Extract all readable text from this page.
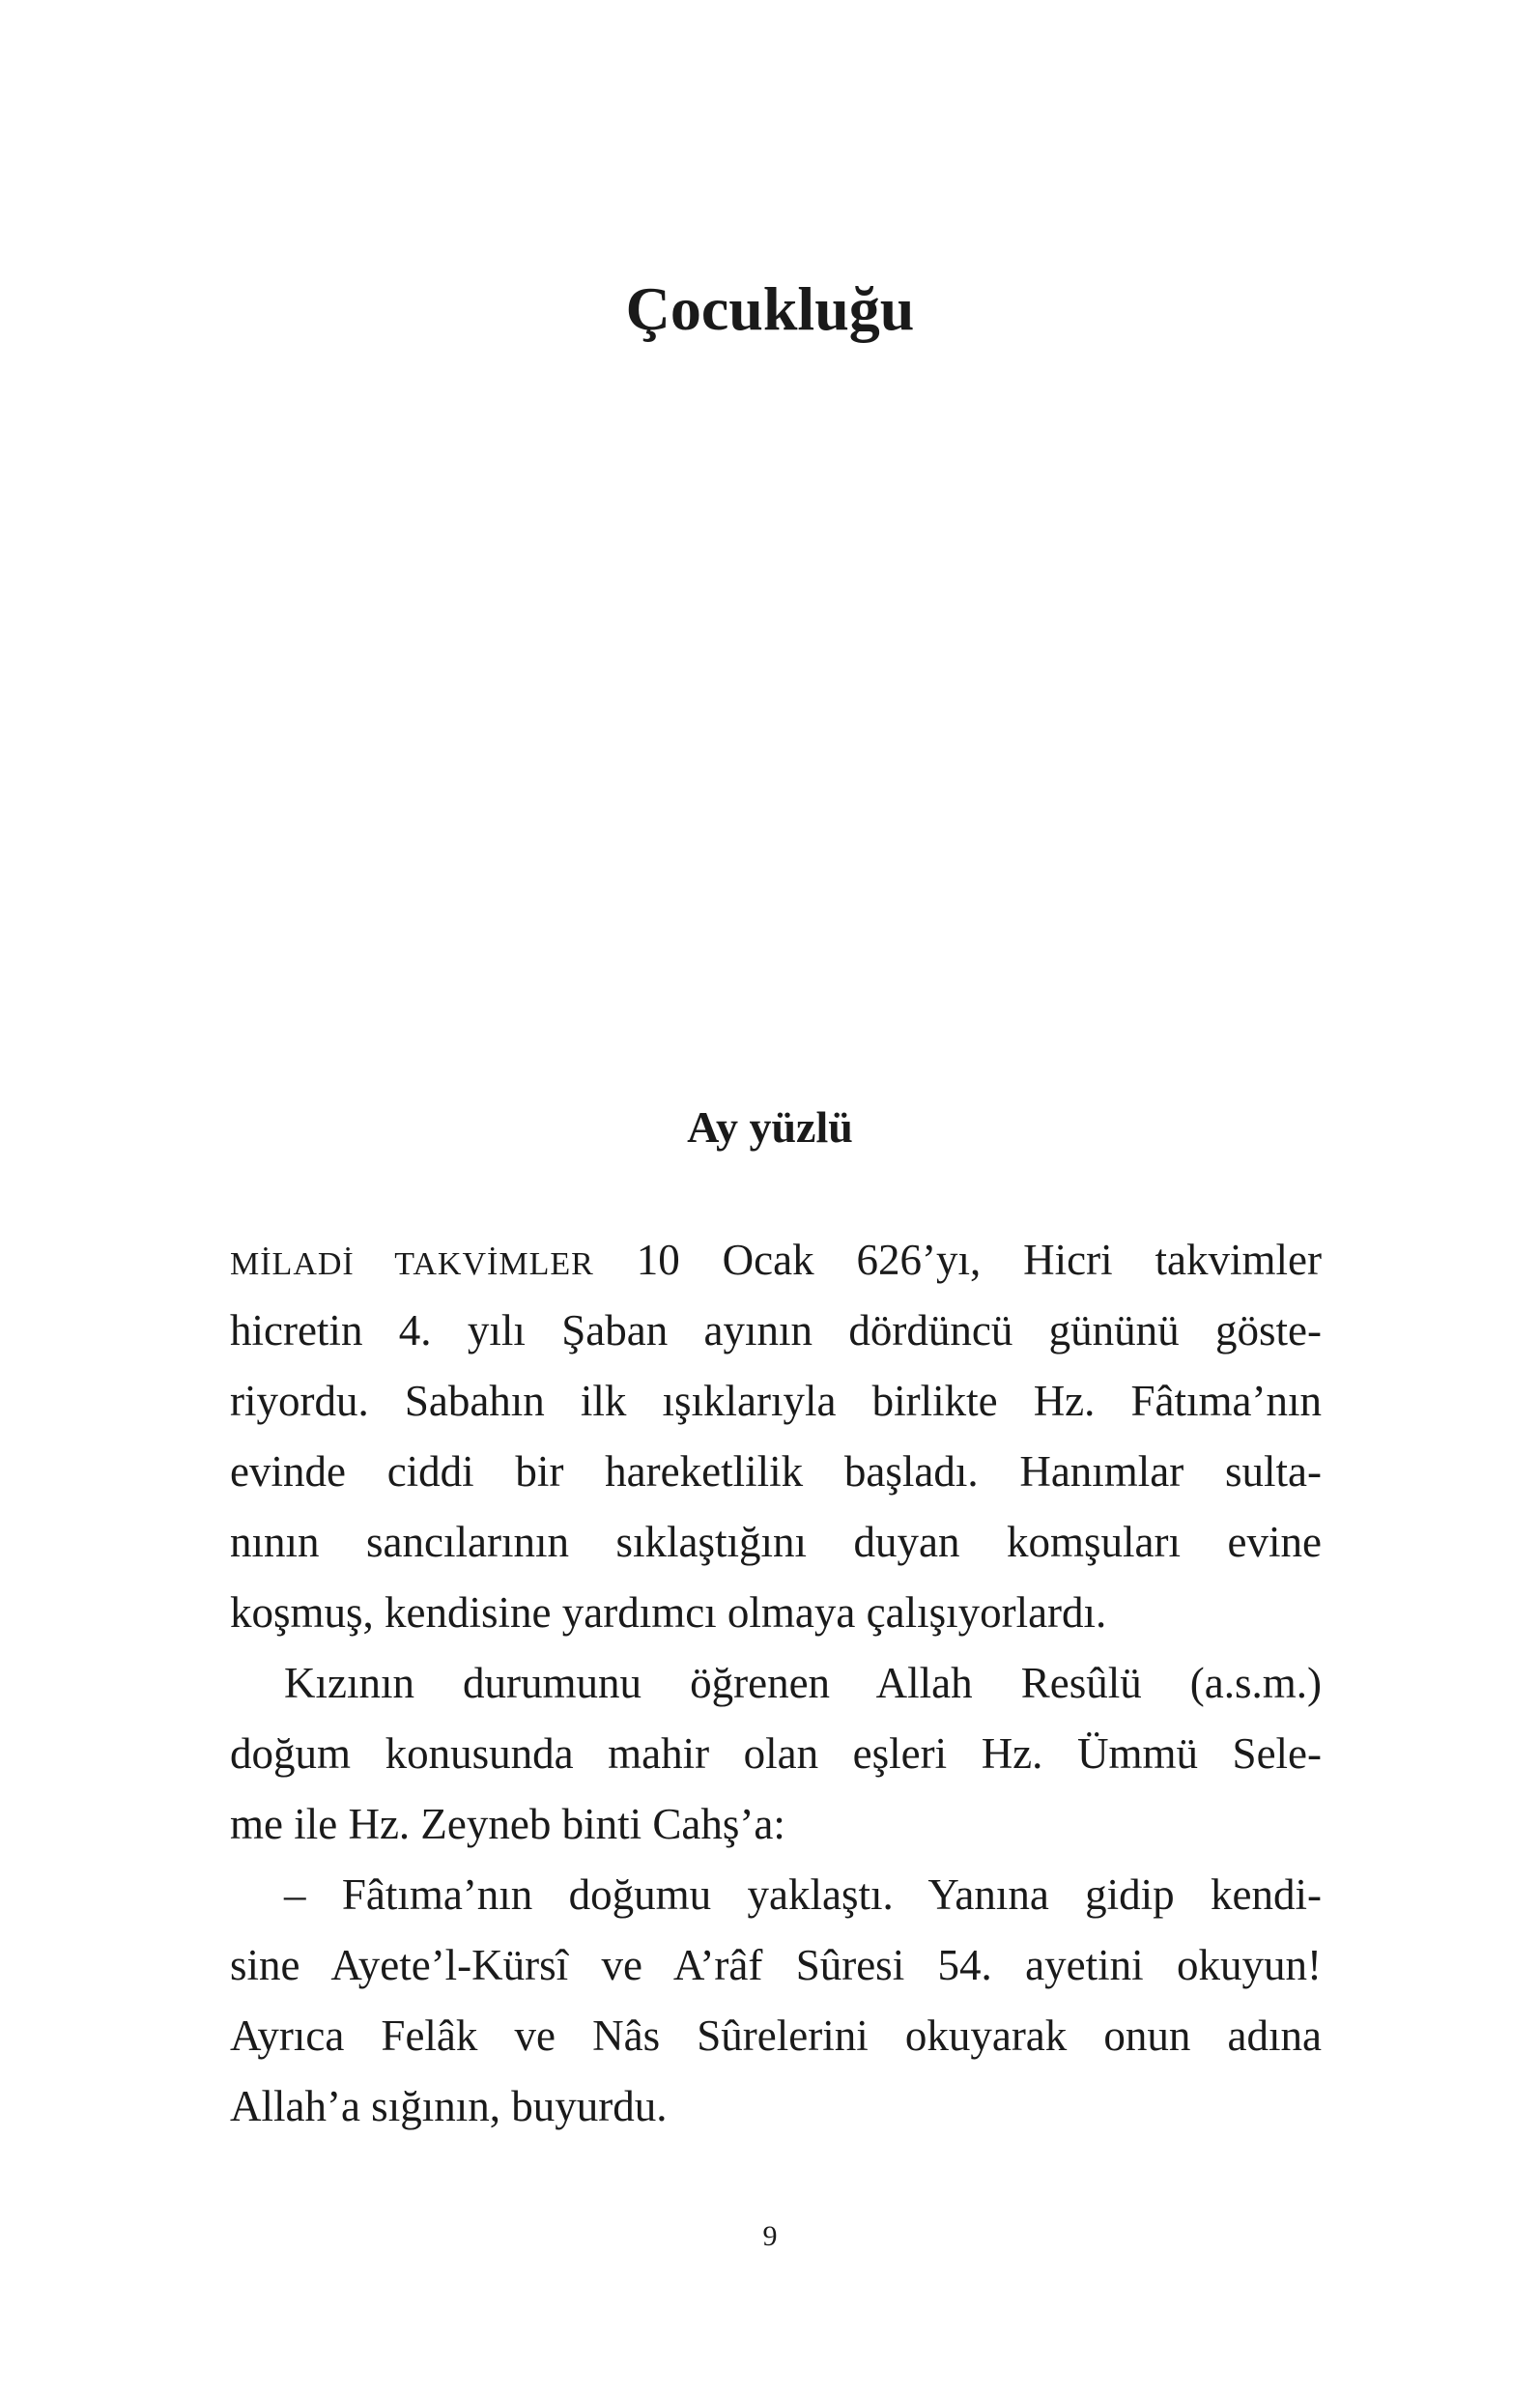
Çocukluğu
Ay yüzlü
MİLADİ TAKVİMLER 10 Ocak 626’yı, Hicri takvimler
hicretin 4. yılı Şaban ayının dördüncü gününü göste-
riyordu. Sabahın ilk ışıklarıyla birlikte Hz. Fâtıma’nın
evinde ciddi bir hareketlilik başladı. Hanımlar sulta-
nının sancılarının sıklaştığını duyan komşuları evine
koşmuş, kendisine yardımcı olmaya çalışıyorlardı.
Kızının durumunu öğrenen Allah Resûlü (a.s.m.)
doğum konusunda mahir olan eşleri Hz. Ümmü Sele-
me ile Hz. Zeyneb binti Cahş’a:
– Fâtıma’nın doğumu yaklaştı. Yanına gidip kendi-
sine Ayete’l-Kürsî ve A’râf Sûresi 54. ayetini okuyun!
Ayrıca Felâk ve Nâs Sûrelerini okuyarak onun adına
Allah’a sığının, buyurdu.

9
